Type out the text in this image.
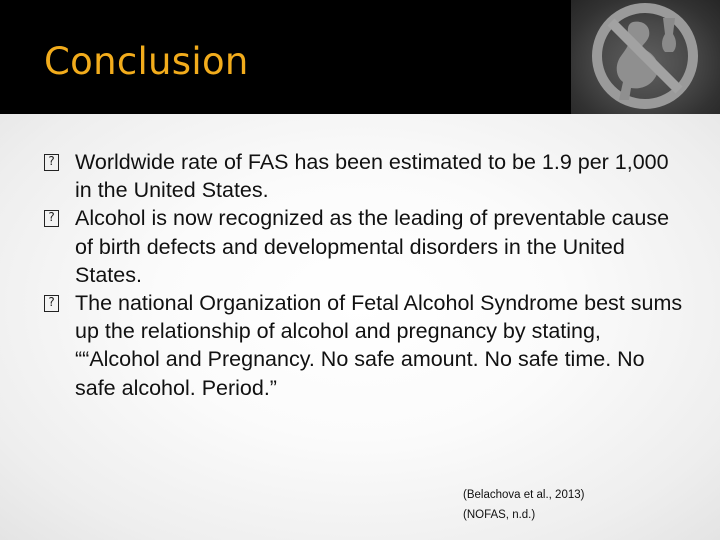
Conclusion
?
Worldwide rate of FAS has been estimated to be 1.9 per 1,000 in the United States.
?
Alcohol is now recognized as the leading of preventable cause of birth defects and developmental disorders in the United States.
?
The national Organization of Fetal Alcohol Syndrome best sums up the relationship of alcohol and pregnancy by stating, ““Alcohol and Pregnancy. No safe amount. No safe time. No safe alcohol. Period.”
(Belachova et al., 2013)
(NOFAS, n.d.)
